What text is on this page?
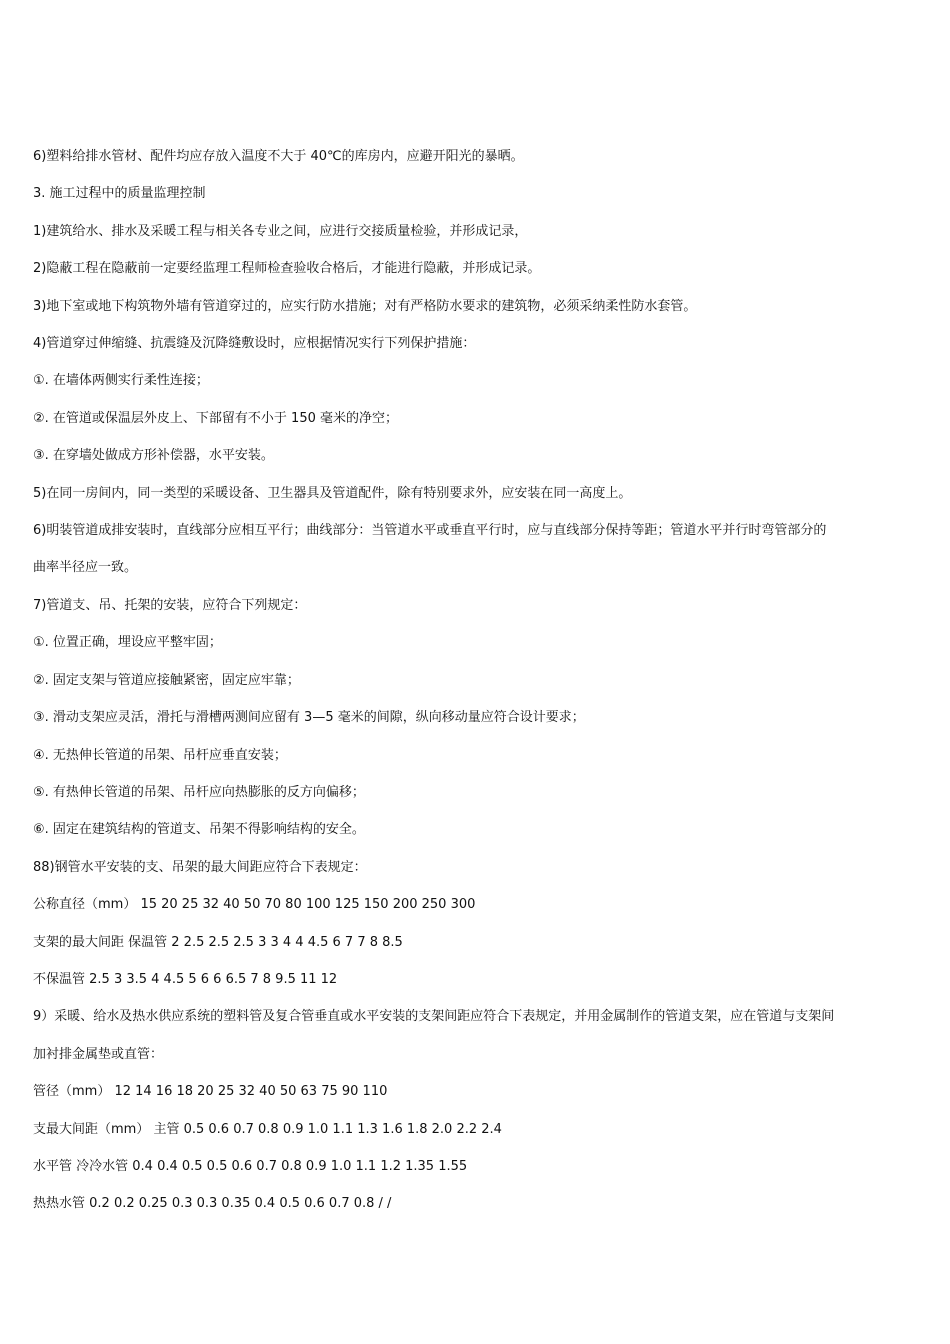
6)塑料给排水管材、配件均应存放入温度不大于 40℃的库房内，应避开阳光的暴晒。
3. 施工过程中的质量监理控制
1)建筑给水、排水及采暖工程与相关各专业之间，应进行交接质量检验，并形成记录，
2)隐蔽工程在隐蔽前一定要经监理工程师检查验收合格后，才能进行隐蔽，并形成记录。
3)地下室或地下构筑物外墙有管道穿过的，应实行防水措施；对有严格防水要求的建筑物，必须采纳柔性防水套管。
4)管道穿过伸缩缝、抗震缝及沉降缝敷设时，应根据情况实行下列保护措施：
①. 在墙体两侧实行柔性连接；
②. 在管道或保温层外皮上、下部留有不小于 150 毫米的净空；
③. 在穿墙处做成方形补偿器，水平安装。
5)在同一房间内，同一类型的采暖设备、卫生器具及管道配件，除有特别要求外，应安装在同一高度上。
6)明装管道成排安装时，直线部分应相互平行；曲线部分：当管道水平或垂直平行时，应与直线部分保持等距；管道水平并行时弯管部分的
曲率半径应一致。
7)管道支、吊、托架的安装，应符合下列规定：
①. 位置正确，埋设应平整牢固；
②. 固定支架与管道应接触紧密，固定应牢靠；
③. 滑动支架应灵活，滑托与滑槽两测间应留有 3—5 毫米的间隙，纵向移动量应符合设计要求；
④. 无热伸长管道的吊架、吊杆应垂直安装；
⑤. 有热伸长管道的吊架、吊杆应向热膨胀的反方向偏移；
⑥. 固定在建筑结构的管道支、吊架不得影响结构的安全。
88)钢管水平安装的支、吊架的最大间距应符合下表规定：
公称直径（mm） 15 20 25 32 40 50 70 80 100 125 150 200 250 300
支架的最大间距 保温管 2 2.5 2.5 2.5 3 3 4 4 4.5 6 7 7 8 8.5
不保温管 2.5 3 3.5 4 4.5 5 6 6 6.5 7 8 9.5 11 12
9）采暖、给水及热水供应系统的塑料管及复合管垂直或水平安装的支架间距应符合下表规定，并用金属制作的管道支架，应在管道与支架间
加衬排金属垫或直管：
管径（mm） 12 14 16 18 20 25 32 40 50 63 75 90 110
支最大间距（mm） 主管 0.5 0.6 0.7 0.8 0.9 1.0 1.1 1.3 1.6 1.8 2.0 2.2 2.4
水平管 冷冷水管 0.4 0.4 0.5 0.5 0.6 0.7 0.8 0.9 1.0 1.1 1.2 1.35 1.55
热热水管 0.2 0.2 0.25 0.3 0.3 0.35 0.4 0.5 0.6 0.7 0.8 / /
